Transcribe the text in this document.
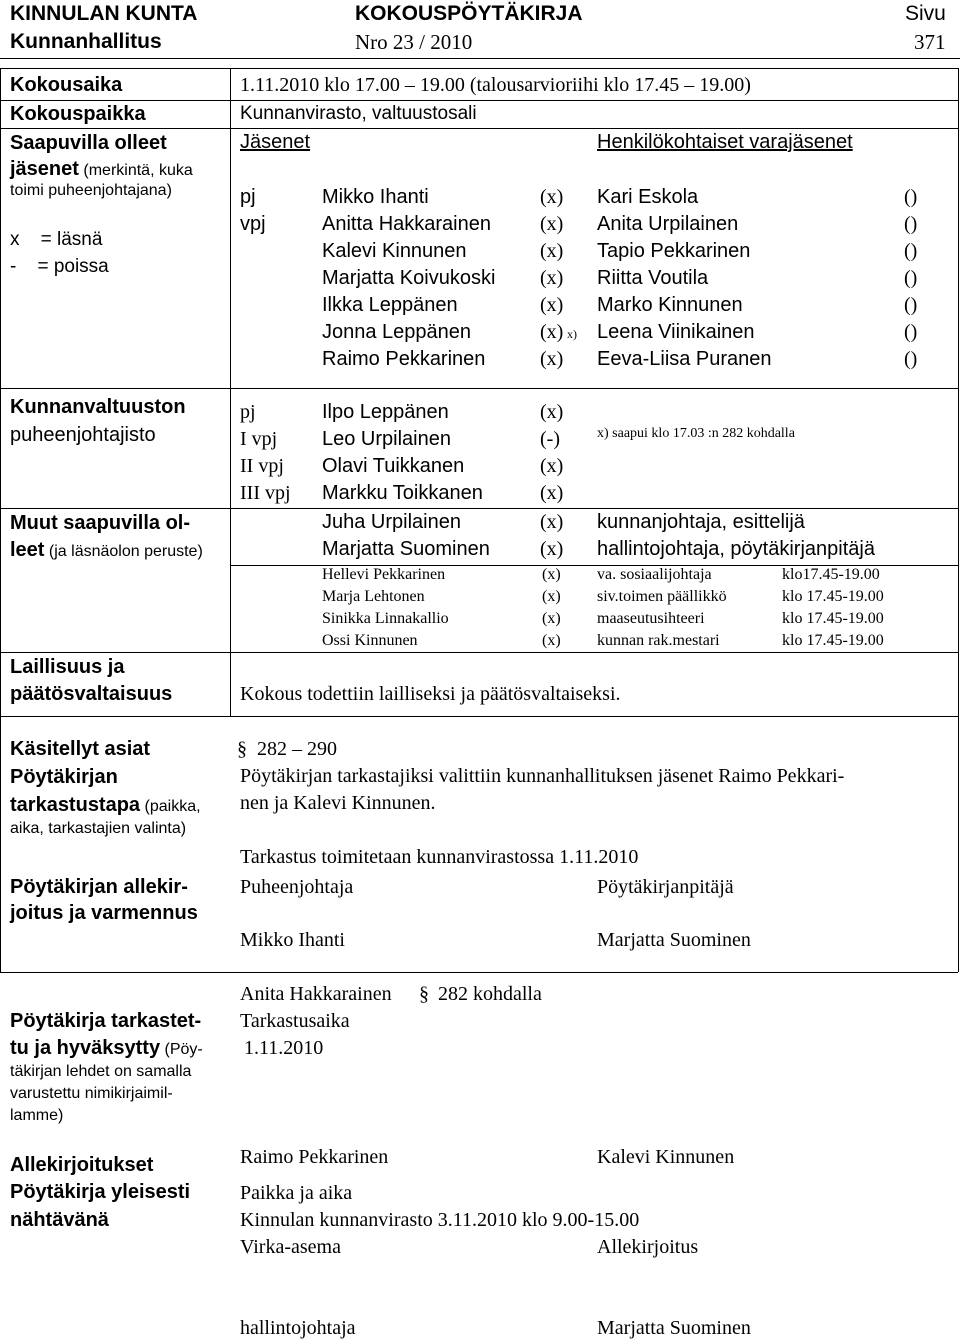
KINNULAN KUNTA	KOKOUSPÖYTÄKIRJA	Sivu
Kunnanhallitus	Nro 23 / 2010	371
Kokousaika	1.11.2010 klo 17.00 – 19.00 (talousarvioriihi klo 17.45 – 19.00)
Kokouspaikka	Kunnanvirasto, valtuustosali
Saapuvilla olleet
jäsenet (merkintä, kuka
toimi puheenjohtajana)
x    = läsnä
-    = poissa
Jäsenet	Henkilökohtaiset varajäsenet
pj	Mikko Ihanti	(x) Kari Eskola	()
vpj	Anitta Hakkarainen (x) Anita Urpilainen	()
Kalevi Kinnunen	(x) Tapio Pekkarinen	()
Marjatta Koivukoski (x) Riitta Voutila	()
Ilkka Leppänen	(x) Marko Kinnunen	()
Jonna Leppänen	(x) x) Leena Viinikainen	()
Raimo Pekkarinen	(x) Eeva-Liisa Puranen	()
Kunnanvaltuuston
puheenjohtajisto
pj	Ilpo Leppänen	(x)
I vpj Leo Urpilainen	(-)	x) saapui klo 17.03 :n 282 kohdalla
II vpj Olavi Tuikkanen	(x)
III vpj Markku Toikkanen	(x)
Muut saapuvilla ol-
leet (ja läsnäolon peruste)
Juha Urpilainen	(x) kunnanjohtaja, esittelijä
Marjatta Suominen	(x) hallintojohtaja, pöytäkirjanpitäjä
Hellevi Pekkarinen	(x) va. sosiaalijohtaja	klo17.45-19.00
Marja Lehtonen	(x) siv.toimen päällikkö	klo 17.45-19.00
Sinikka Linnakallio	(x) maaseutusihteeri	klo 17.45-19.00
Ossi Kinnunen	(x) kunnan rak.mestari	klo 17.45-19.00
Laillisuus ja
päätösvaltaisuus	Kokous todettiin lailliseksi ja päätösvaltaiseksi.
Käsitellyt asiat	§ 282 – 290
Pöytäkirjan
tarkastustapa (paikka,
aika, tarkastajien valinta)
Pöytäkirjan tarkastajiksi valittiin kunnanhallituksen jäsenet Raimo Pekkari-
nen ja Kalevi Kinnunen.
Tarkastus toimitetaan kunnanvirastossa 1.11.2010
Pöytäkirjan allekir-
joitus ja varmennus
Puheenjohtaja	Pöytäkirjanpitäjä
Mikko Ihanti	Marjatta Suominen
Anita Hakkarainen § 282 kohdalla
Pöytäkirja tarkastet-
tu ja hyväksytty (Pöy-
täkirjan lehdet on samalla
varustettu nimikirjaimil-
lamme)
Tarkastusaika
1.11.2010
Allekirjoitukset	Raimo Pekkarinen	Kalevi Kinnunen
Pöytäkirja yleisesti
nähtävänä
Paikka ja aika
Kinnulan kunnanvirasto 3.11.2010 klo 9.00-15.00
Virka-asema	Allekirjoitus
hallintojohtaja	Marjatta Suominen
